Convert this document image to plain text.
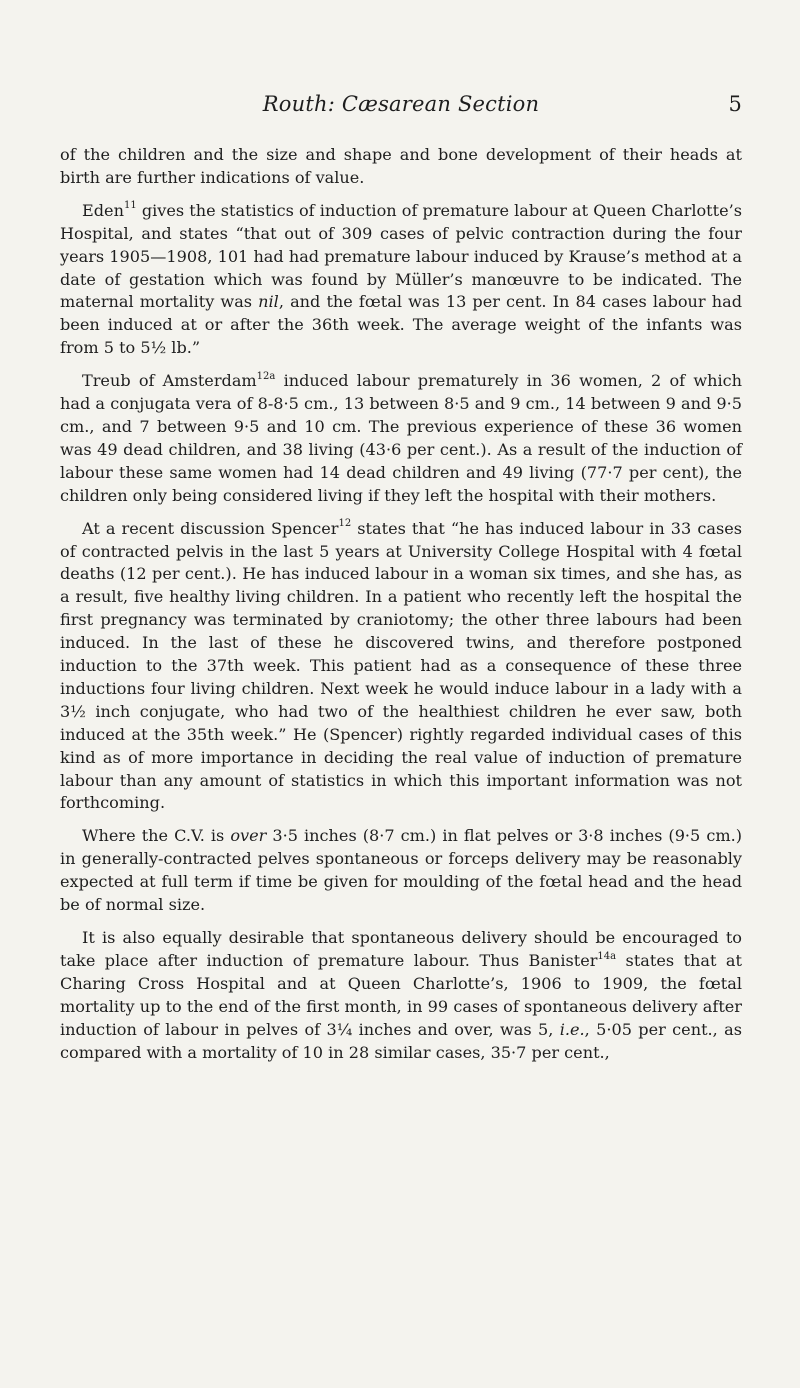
Routh: Cæsarean Section	5

of the children and the size and shape and bone development of their heads at birth are further indications of value.

Eden$^{11}$ gives the statistics of induction of premature labour at Queen Charlotte’s Hospital, and states “that out of 309 cases of pelvic contraction during the four years 1905—1908, 101 had had premature labour induced by Krause’s method at a date of gestation which was found by Müller’s manœuvre to be indicated. The maternal mortality was nil, and the fœtal was 13 per cent. In 84 cases labour had been induced at or after the 36th week. The average weight of the infants was from 5 to 5½ lb.”

Treub of Amsterdam$^{12a}$ induced labour prematurely in 36 women, 2 of which had a conjugata vera of 8-8·5 cm., 13 between 8·5 and 9 cm., 14 between 9 and 9·5 cm., and 7 between 9·5 and 10 cm. The previous experience of these 36 women was 49 dead children, and 38 living (43·6 per cent.). As a result of the induction of labour these same women had 14 dead children and 49 living (77·7 per cent), the children only being considered living if they left the hospital with their mothers.

At a recent discussion Spencer$^{12}$ states that “he has induced labour in 33 cases of contracted pelvis in the last 5 years at University College Hospital with 4 fœtal deaths (12 per cent.). He has induced labour in a woman six times, and she has, as a result, five healthy living children. In a patient who recently left the hospital the first pregnancy was terminated by craniotomy; the other three labours had been induced. In the last of these he discovered twins, and therefore postponed induction to the 37th week. This patient had as a consequence of these three inductions four living children. Next week he would induce labour in a lady with a 3½ inch conjugate, who had two of the healthiest children he ever saw, both induced at the 35th week.” He (Spencer) rightly regarded individual cases of this kind as of more importance in deciding the real value of induction of premature labour than any amount of statistics in which this important information was not forthcoming.

Where the C.V. is over 3·5 inches (8·7 cm.) in flat pelves or 3·8 inches (9·5 cm.) in generally-contracted pelves spontaneous or forceps delivery may be reasonably expected at full term if time be given for moulding of the fœtal head and the head be of normal size.

It is also equally desirable that spontaneous delivery should be encouraged to take place after induction of premature labour. Thus Banister$^{14a}$ states that at Charing Cross Hospital and at Queen Charlotte’s, 1906 to 1909, the fœtal mortality up to the end of the first month, in 99 cases of spontaneous delivery after induction of labour in pelves of 3¼ inches and over, was 5, i.e., 5·05 per cent., as compared with a mortality of 10 in 28 similar cases, 35·7 per cent.,
